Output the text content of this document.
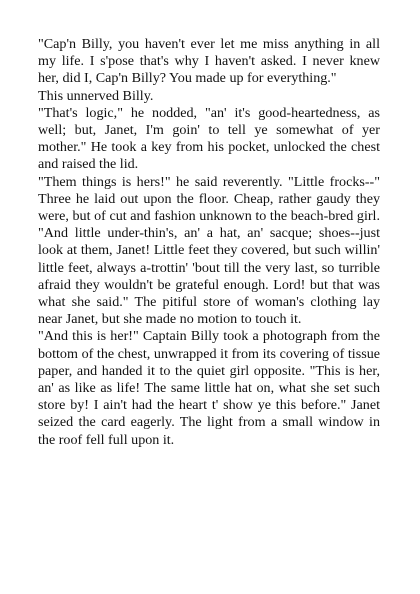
"Cap'n Billy, you haven't ever let me miss anything in all my life. I s'pose that's why I haven't asked. I never knew her, did I, Cap'n Billy? You made up for everything."

This unnerved Billy.

"That's logic," he nodded, "an' it's good-heartedness, as well; but, Janet, I'm goin' to tell ye somewhat of yer mother." He took a key from his pocket, unlocked the chest and raised the lid.

"Them things is hers!" he said reverently. "Little frocks--" Three he laid out upon the floor. Cheap, rather gaudy they were, but of cut and fashion unknown to the beach-bred girl. "And little under-thin's, an' a hat, an' sacque; shoes--just look at them, Janet! Little feet they covered, but such willin' little feet, always a-trottin' 'bout till the very last, so turrible afraid they wouldn't be grateful enough. Lord! but that was what she said." The pitiful store of woman's clothing lay near Janet, but she made no motion to touch it.

"And this is her!" Captain Billy took a photograph from the bottom of the chest, unwrapped it from its covering of tissue paper, and handed it to the quiet girl opposite. "This is her, an' as like as life! The same little hat on, what she set such store by! I ain't had the heart t' show ye this before." Janet seized the card eagerly. The light from a small window in the roof fell full upon it.
